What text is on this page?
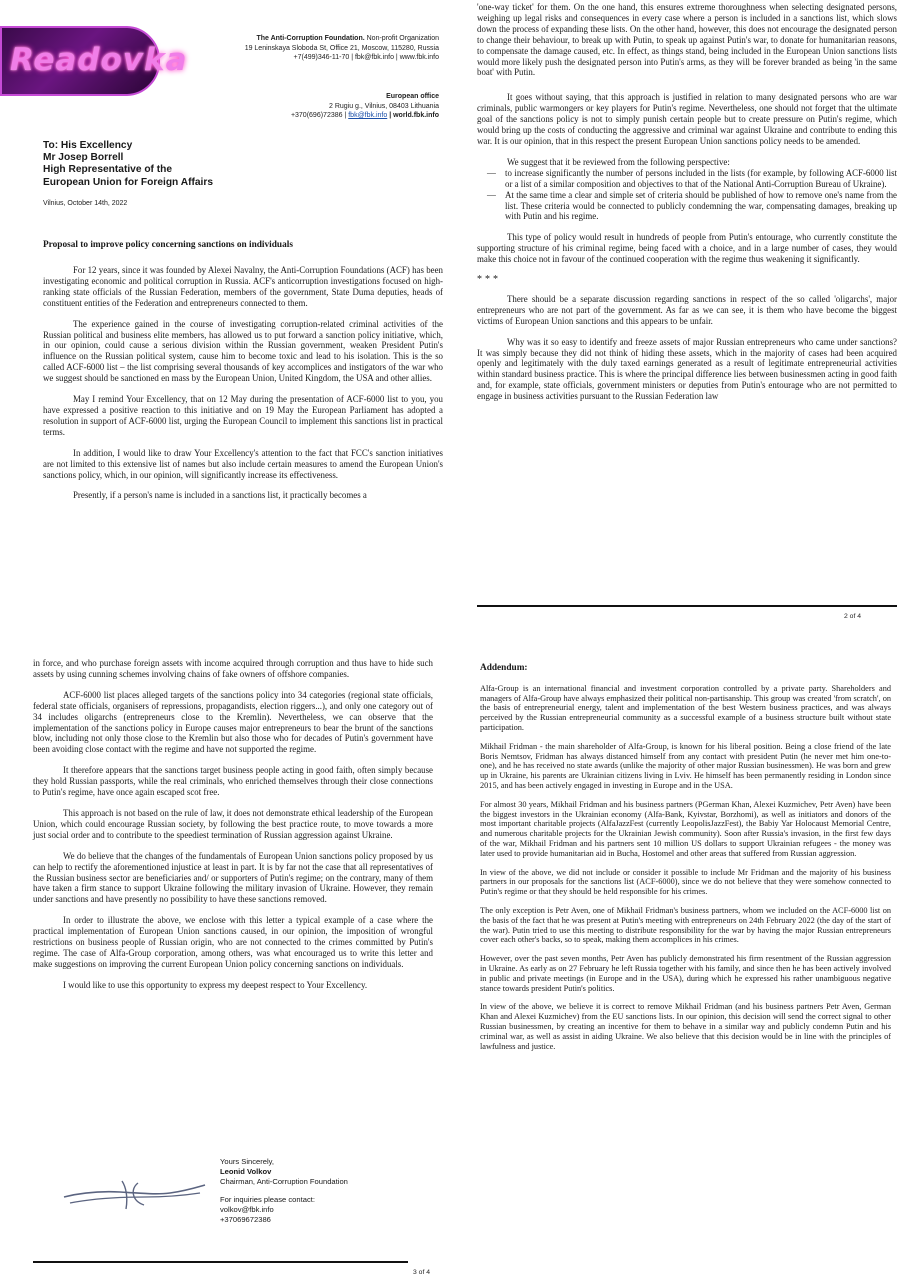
Readovka
The Anti-Corruption Foundation. Non-profit Organization
19 Leninskaya Sloboda St, Office 21, Moscow, 115280, Russia
+7(499)346-11-70 | fbk@fbk.info | www.fbk.info
European office
2 Rugiu g., Vilnius, 08403 Lithuania
+370(696)72386 | fbk@fbk.info | world.fbk.info
To: His Excellency
Mr Josep Borrell
High Representative of the
European Union for Foreign Affairs
Vilnius, October 14th, 2022
Proposal to improve policy concerning sanctions on individuals

For 12 years, since it was founded by Alexei Navalny, the Anti-Corruption Foundations (ACF) has been investigating economic and political corruption in Russia. ACF's anticorruption investigations focused on high-ranking state officials of the Russian Federation, members of the government, State Duma deputies, heads of constituent entities of the Federation and entrepreneurs connected to them.

The experience gained in the course of investigating corruption-related criminal activities of the Russian political and business elite members, has allowed us to put forward a sanction policy initiative, which, in our opinion, could cause a serious division within the Russian government, weaken President Putin's influence on the Russian political system, cause him to become toxic and lead to his isolation. This is the so called ACF-6000 list – the list comprising several thousands of key accomplices and instigators of the war who we suggest should be sanctioned en mass by the European Union, United Kingdom, the USA and other allies.

May I remind Your Excellency, that on 12 May during the presentation of ACF-6000 list to you, you have expressed a positive reaction to this initiative and on 19 May the European Parliament has adopted a resolution in support of ACF-6000 list, urging the European Council to implement this sanctions list in practical terms.

In addition, I would like to draw Your Excellency's attention to the fact that FCC's sanction initiatives are not limited to this extensive list of names but also include certain measures to amend the European Union's sanctions policy, which, in our opinion, will significantly increase its effectiveness.

Presently, if a person's name is included in a sanctions list, it practically becomes a

'one-way ticket' for them. On the one hand, this ensures extreme thoroughness when selecting designated persons, weighing up legal risks and consequences in every case where a person is included in a sanctions list, which slows down the process of expanding these lists. On the other hand, however, this does not encourage the designated person to change their behaviour, to break up with Putin, to speak up against Putin's war, to donate for humanitarian reasons, to compensate the damage caused, etc. In effect, as things stand, being included in the European Union sanctions lists would more likely push the designated person into Putin's arms, as they will be forever branded as being 'in the same boat' with Putin.

It goes without saying, that this approach is justified in relation to many designated persons who are war criminals, public warmongers or key players for Putin's regime. Nevertheless, one should not forget that the ultimate goal of the sanctions policy is not to simply punish certain people but to create pressure on Putin's regime, which would bring up the costs of conducting the aggressive and criminal war against Ukraine and contribute to ending this war. It is our opinion, that in this respect the present European Union sanctions policy needs to be amended.

We suggest that it be reviewed from the following perspective:

— to increase significantly the number of persons included in the lists (for example, by following ACF-6000 list or a list of a similar composition and objectives to that of the National Anti-Corruption Bureau of Ukraine).
— At the same time a clear and simple set of criteria should be published of how to remove one's name from the list. These criteria would be connected to publicly condemning the war, compensating damages, breaking up with Putin and his regime.

This type of policy would result in hundreds of people from Putin's entourage, who currently constitute the supporting structure of his criminal regime, being faced with a choice, and in a large number of cases, they would make this choice not in favour of the continued cooperation with the regime thus weakening it significantly.

***

There should be a separate discussion regarding sanctions in respect of the so called 'oligarchs', major entrepreneurs who are not part of the government. As far as we can see, it is them who have become the biggest victims of European Union sanctions and this appears to be unfair.

Why was it so easy to identify and freeze assets of major Russian entrepreneurs who came under sanctions? It was simply because they did not think of hiding these assets, which in the majority of cases had been acquired openly and legitimately with the duly taxed earnings generated as a result of legitimate entrepreneurial activities within standard business practice. This is where the principal difference lies between businessmen acting in good faith and, for example, state officials, government ministers or deputies from Putin's entourage who are not permitted to engage in business activities pursuant to the Russian Federation law

2 of 4

in force, and who purchase foreign assets with income acquired through corruption and thus have to hide such assets by using cunning schemes involving chains of fake owners of offshore companies.

ACF-6000 list places alleged targets of the sanctions policy into 34 categories (regional state officials, federal state officials, organisers of repressions, propagandists, election riggers...), and only one category out of 34 includes oligarchs (entrepreneurs close to the Kremlin). Nevertheless, we can observe that the implementation of the sanctions policy in Europe causes major entrepreneurs to bear the brunt of the sanctions blow, including not only those close to the Kremlin but also those who for decades of Putin's government have been avoiding close contact with the regime and have not supported the regime.

It therefore appears that the sanctions target business people acting in good faith, often simply because they hold Russian passports, while the real criminals, who enriched themselves through their close connections to Putin's regime, have once again escaped scot free.

This approach is not based on the rule of law, it does not demonstrate ethical leadership of the European Union, which could encourage Russian society, by following the best practice route, to move towards a more just social order and to contribute to the speediest termination of Russian aggression against Ukraine.

We do believe that the changes of the fundamentals of European Union sanctions policy proposed by us can help to rectify the aforementioned injustice at least in part. It is by far not the case that all representatives of the Russian business sector are beneficiaries and/ or supporters of Putin's regime; on the contrary, many of them have taken a firm stance to support Ukraine following the military invasion of Ukraine. However, they remain under sanctions and have presently no possibility to have these sanctions removed.

In order to illustrate the above, we enclose with this letter a typical example of a case where the practical implementation of European Union sanctions caused, in our opinion, the imposition of wrongful restrictions on business people of Russian origin, who are not connected to the crimes committed by Putin's regime. The case of Alfa-Group corporation, among others, was what encouraged us to write this letter and make suggestions on improving the current European Union policy concerning sanctions on individuals.

I would like to use this opportunity to express my deepest respect to Your Excellency.

Yours Sincerely,
Leonid Volkov
Chairman, Anti-Corruption Foundation
For inquiries please contact:
volkov@fbk.info
+37069672386
3 of 4
Addendum:

Alfa-Group is an international financial and investment corporation controlled by a private party. Shareholders and managers of Alfa-Group have always emphasized their political non-partisanship. This group was created 'from scratch', on the basis of entrepreneurial energy, talent and implementation of the best Western business practices, and was always perceived by the Russian entrepreneurial community as a successful example of a business structure built without state participation.

Mikhail Fridman - the main shareholder of Alfa-Group, is known for his liberal position. Being a close friend of the late Boris Nemtsov, Fridman has always distanced himself from any contact with president Putin (he never met him one-to-one), and he has received no state awards (unlike the majority of other major Russian businessmen). He was born and grew up in Ukraine, his parents are Ukrainian citizens living in Lviv. He himself has been permanently residing in London since 2015, and has been actively engaged in investing in Europe and in the USA.

For almost 30 years, Mikhail Fridman and his business partners (PGerman Khan, Alexei Kuzmichev, Petr Aven) have been the biggest investors in the Ukrainian economy (Alfa-Bank, Kyivstar, Borzhomi), as well as initiators and donors of the most important charitable projects (AlfaJazzFest (currently LeopolisJazzFest), the Babiy Yar Holocaust Memorial Centre, and numerous charitable projects for the Ukrainian Jewish community). Soon after Russia's invasion, in the first few days of the war, Mikhail Fridman and his partners sent 10 million US dollars to support Ukrainian refugees - the money was later used to provide humanitarian aid in Bucha, Hostomel and other areas that suffered from Russian aggression.

In view of the above, we did not include or consider it possible to include Mr Fridman and the majority of his business partners in our proposals for the sanctions list (ACF-6000), since we do not believe that they were somehow connected to Putin's regime or that they should be held responsible for his crimes.

The only exception is Petr Aven, one of Mikhail Fridman's business partners, whom we included on the ACF-6000 list on the basis of the fact that he was present at Putin's meeting with entrepreneurs on 24th February 2022 (the day of the start of the war). Putin tried to use this meeting to distribute responsibility for the war by having the major Russian entrepreneurs cover each other's backs, so to speak, making them accomplices in his crimes.

However, over the past seven months, Petr Aven has publicly demonstrated his firm resentment of the Russian aggression in Ukraine. As early as on 27 February he left Russia together with his family, and since then he has been actively involved in public and private meetings (in Europe and in the USA), during which he expressed his rather unambiguous negative stance towards president Putin's politics.

In view of the above, we believe it is correct to remove Mikhail Fridman (and his business partners Petr Aven, German Khan and Alexei Kuzmichev) from the EU sanctions lists. In our opinion, this decision will send the correct signal to other Russian businessmen, by creating an incentive for them to behave in a similar way and publicly condemn Putin and his criminal war, as well as assist in aiding Ukraine. We also believe that this decision would be in line with the principles of lawfulness and justice.
